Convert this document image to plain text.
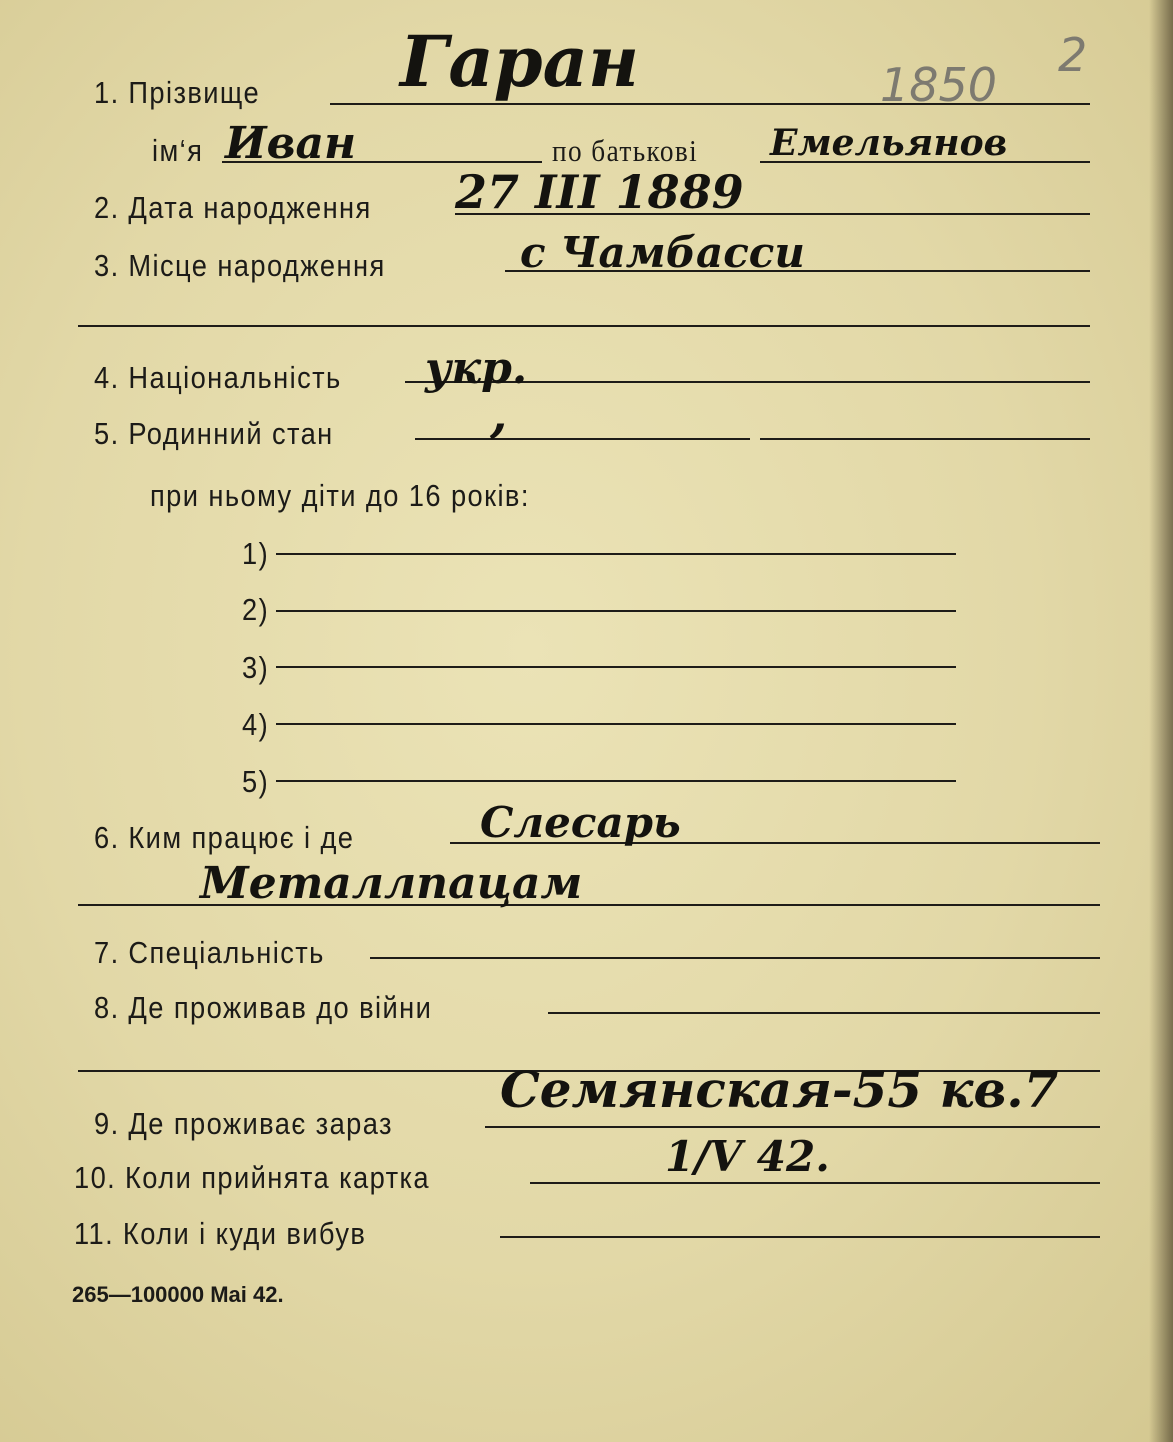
1. Прізвище Гаран	1850
2
ім‘я Иван	по батькові Емельянов
2. Дата народження 27 III 1889
3. Місце народження	с Чамбасси
4. Національність укр.
5. Родинний стан	,
при ньому діти до 16 років:
1)
2)
3)
4)
5)
6. Ким працює і де	Слесарь
Металлпацам
7. Спеціальність
8. Де проживав до війни
9. Де проживає зараз
Семянская-55 кв.7
10. Коли прийнята картка	1/V 42.
11. Коли і куди вибув
265—100000 Mai 42.
